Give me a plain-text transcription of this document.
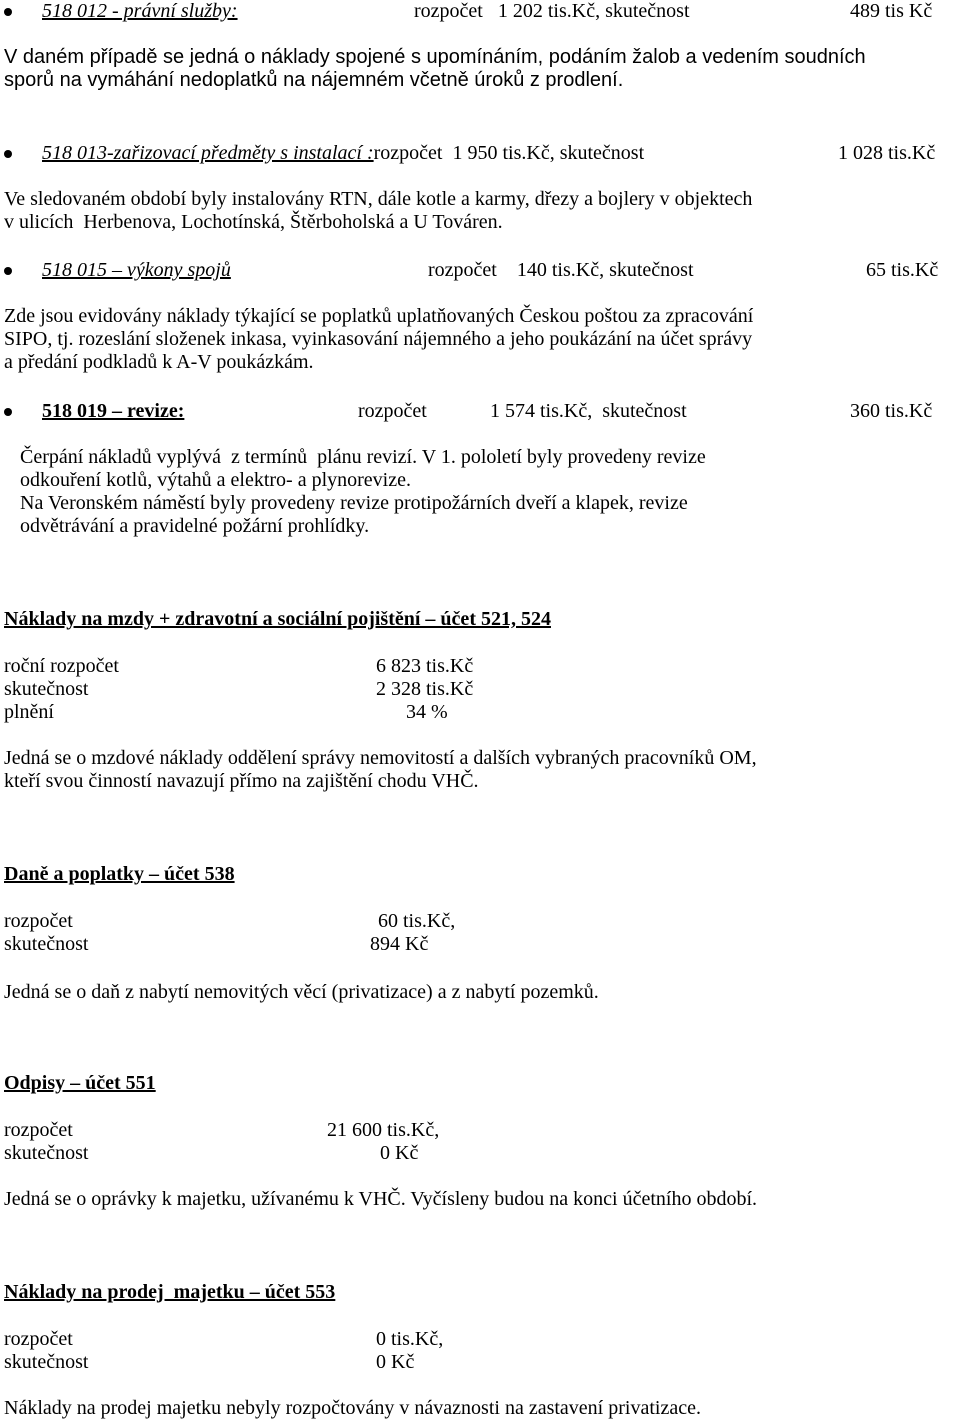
518 012 - právní služby:	rozpočet   1 202 tis.Kč, skutečnost	489 tis Kč
V daném případě se jedná o náklady spojené s upomínáním, podáním žalob a vedením soudních
sporů na vymáhání nedoplatků na nájemném včetně úroků z prodlení.
518 013-zařizovací předměty s instalací :rozpočet  1 950 tis.Kč, skutečnost	1 028 tis.Kč
Ve sledovaném období byly instalovány RTN, dále kotle a karmy, dřezy a bojlery v objektech
v ulicích  Herbenova, Lochotínská, Štěrboholská a U Továren.
518 015 – výkony spojů	rozpočet    140 tis.Kč, skutečnost	65 tis.Kč
Zde jsou evidovány náklady týkající se poplatků uplatňovaných Českou poštou za zpracování
SIPO, tj. rozeslání složenek inkasa, vyinkasování nájemného a jeho poukázání na účet správy
a předání podkladů k A-V poukázkám.
518 019 – revize:	rozpočet	1 574 tis.Kč,  skutečnost	360 tis.Kč
Čerpání nákladů vyplývá  z termínů  plánu revizí. V 1. pololetí byly provedeny revize
odkouření kotlů, výtahů a elektro- a plynorevize.
Na Veronském náměstí byly provedeny revize protipožárních dveří a klapek, revize
odvětrávání a pravidelné požární prohlídky.
Náklady na mzdy + zdravotní a sociální pojištění – účet 521, 524
roční rozpočet	6 823 tis.Kč
skutečnost	2 328 tis.Kč
plnění	34 %
Jedná se o mzdové náklady oddělení správy nemovitostí a dalších vybraných pracovníků OM,
kteří svou činností navazují přímo na zajištění chodu VHČ.
Daně a poplatky – účet 538
rozpočet	60 tis.Kč,
skutečnost	894 Kč
Jedná se o daň z nabytí nemovitých věcí (privatizace) a z nabytí pozemků.
Odpisy – účet 551
rozpočet	21 600 tis.Kč,
skutečnost	0 Kč
Jedná se o oprávky k majetku, užívanému k VHČ. Vyčísleny budou na konci účetního období.
Náklady na prodej  majetku – účet 553
rozpočet	0 tis.Kč,
skutečnost	0 Kč
Náklady na prodej majetku nebyly rozpočtovány v návaznosti na zastavení privatizace.
